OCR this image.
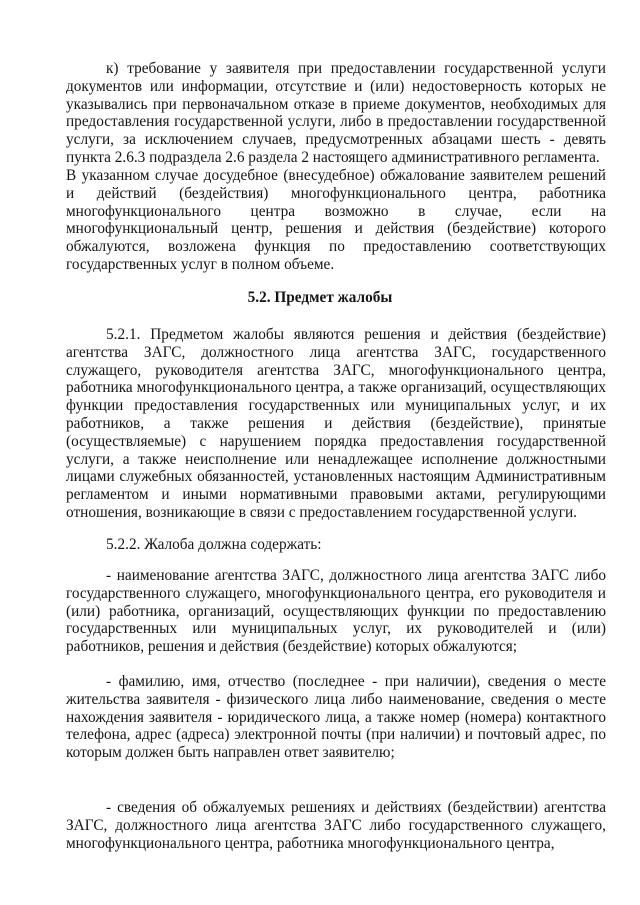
к) требование у заявителя при предоставлении государственной услуги документов или информации, отсутствие и (или) недостоверность которых не указывались при первоначальном отказе в приеме документов, необходимых для предоставления государственной услуги, либо в предоставлении государственной услуги, за исключением случаев, предусмотренных абзацами шесть - девять пункта 2.6.3 подраздела 2.6 раздела 2 настоящего административного регламента.

В указанном случае досудебное (внесудебное) обжалование заявителем решений и действий (бездействия) многофункционального центра, работника многофункционального центра возможно в случае, если на многофункциональный центр, решения и действия (бездействие) которого обжалуются, возложена функция по предоставлению соответствующих государственных услуг в полном объеме.

5.2. Предмет жалобы

5.2.1. Предметом жалобы являются решения и действия (бездействие) агентства ЗАГС, должностного лица агентства ЗАГС, государственного служащего, руководителя агентства ЗАГС, многофункционального центра, работника многофункционального центра, а также организаций, осуществляющих функции предоставления государственных или муниципальных услуг, и их работников, а также решения и действия (бездействие), принятые (осуществляемые) с нарушением порядка предоставления государственной услуги, а также неисполнение или ненадлежащее исполнение должностными лицами служебных обязанностей, установленных настоящим Административным регламентом и иными нормативными правовыми актами, регулирующими отношения, возникающие в связи с предоставлением государственной услуги.

5.2.2. Жалоба должна содержать:

- наименование агентства ЗАГС, должностного лица агентства ЗАГС либо государственного служащего, многофункционального центра, его руководителя и (или) работника, организаций, осуществляющих функции по предоставлению государственных или муниципальных услуг, их руководителей и (или) работников, решения и действия (бездействие) которых обжалуются;

- фамилию, имя, отчество (последнее - при наличии), сведения о месте жительства заявителя - физического лица либо наименование, сведения о месте нахождения заявителя - юридического лица, а также номер (номера) контактного телефона, адрес (адреса) электронной почты (при наличии) и почтовый адрес, по которым должен быть направлен ответ заявителю;

- сведения об обжалуемых решениях и действиях (бездействии) агентства ЗАГС, должностного лица агентства ЗАГС либо государственного служащего, многофункционального центра, работника многофункционального центра,
